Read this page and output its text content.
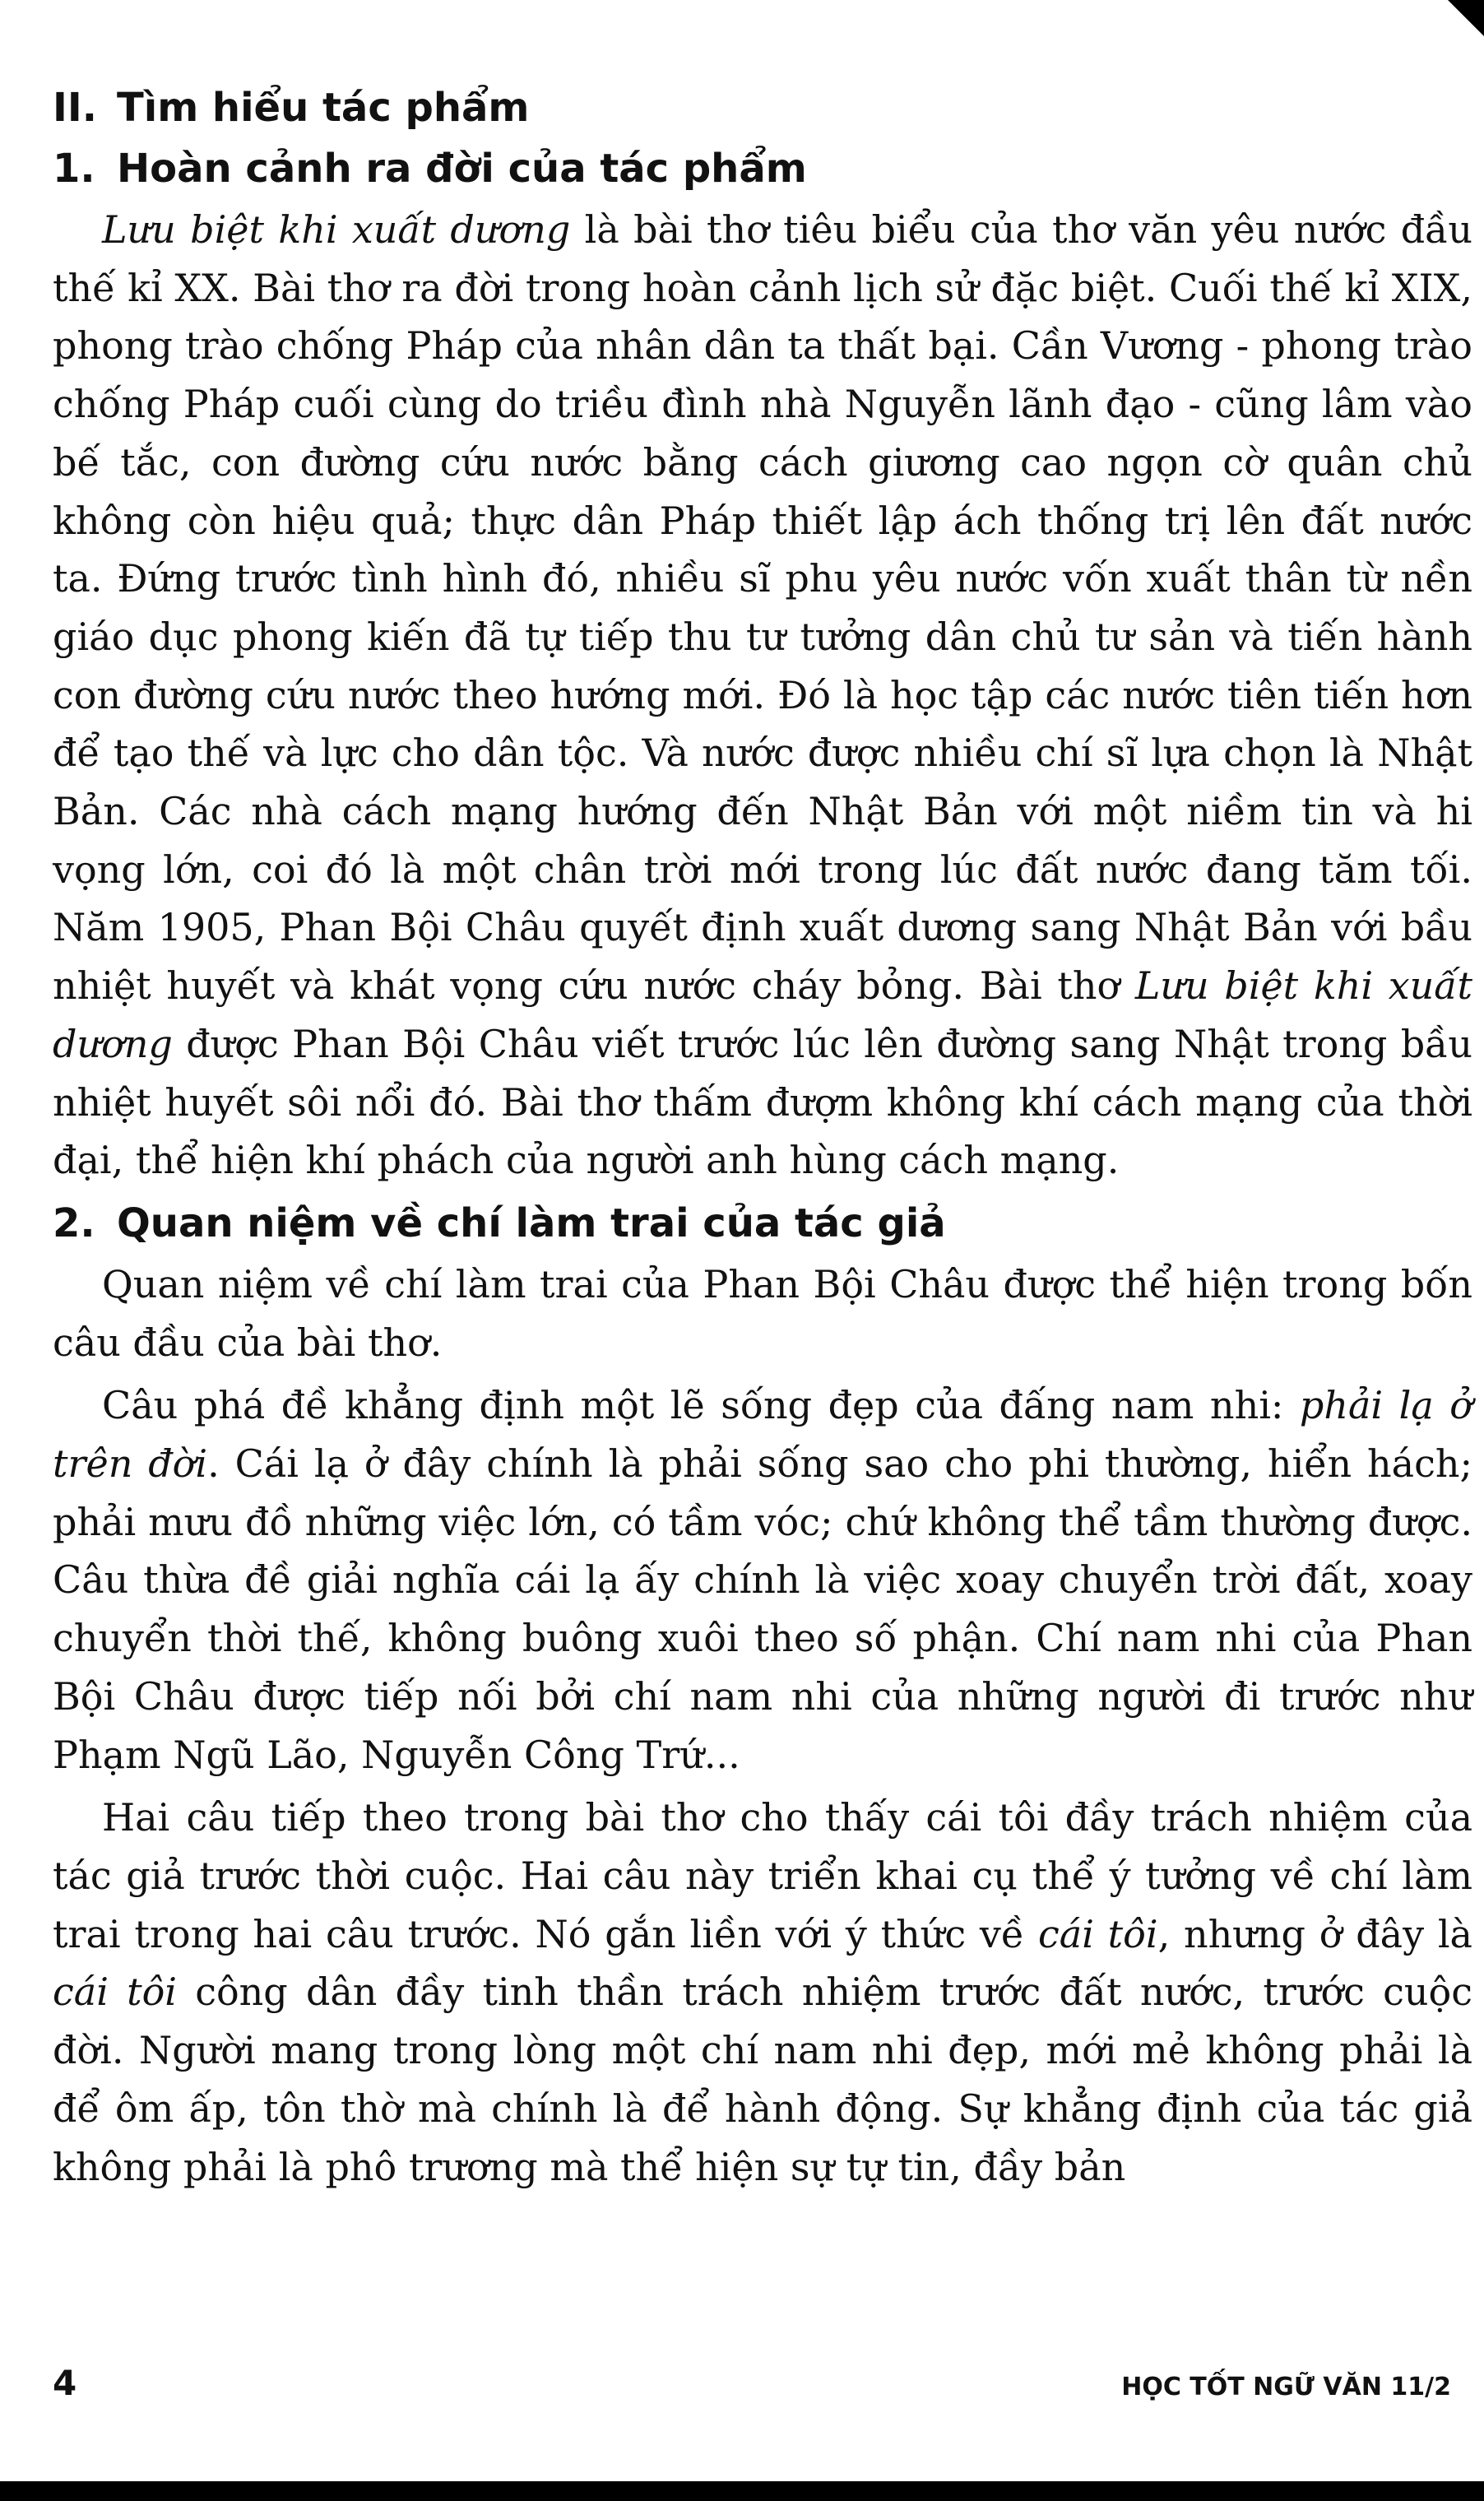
II. Tìm hiểu tác phẩm
1. Hoàn cảnh ra đời của tác phẩm

Lưu biệt khi xuất dương là bài thơ tiêu biểu của thơ văn yêu nước đầu thế kỉ XX. Bài thơ ra đời trong hoàn cảnh lịch sử đặc biệt. Cuối thế kỉ XIX, phong trào chống Pháp của nhân dân ta thất bại. Cần Vương - phong trào chống Pháp cuối cùng do triều đình nhà Nguyễn lãnh đạo - cũng lâm vào bế tắc, con đường cứu nước bằng cách giương cao ngọn cờ quân chủ không còn hiệu quả; thực dân Pháp thiết lập ách thống trị lên đất nước ta. Đứng trước tình hình đó, nhiều sĩ phu yêu nước vốn xuất thân từ nền giáo dục phong kiến đã tự tiếp thu tư tưởng dân chủ tư sản và tiến hành con đường cứu nước theo hướng mới. Đó là học tập các nước tiên tiến hơn để tạo thế và lực cho dân tộc. Và nước được nhiều chí sĩ lựa chọn là Nhật Bản. Các nhà cách mạng hướng đến Nhật Bản với một niềm tin và hi vọng lớn, coi đó là một chân trời mới trong lúc đất nước đang tăm tối. Năm 1905, Phan Bội Châu quyết định xuất dương sang Nhật Bản với bầu nhiệt huyết và khát vọng cứu nước cháy bỏng. Bài thơ Lưu biệt khi xuất dương được Phan Bội Châu viết trước lúc lên đường sang Nhật trong bầu nhiệt huyết sôi nổi đó. Bài thơ thấm đượm không khí cách mạng của thời đại, thể hiện khí phách của người anh hùng cách mạng.

2. Quan niệm về chí làm trai của tác giả

Quan niệm về chí làm trai của Phan Bội Châu được thể hiện trong bốn câu đầu của bài thơ.

Câu phá đề khẳng định một lẽ sống đẹp của đấng nam nhi: phải lạ ở trên đời. Cái lạ ở đây chính là phải sống sao cho phi thường, hiển hách; phải mưu đồ những việc lớn, có tầm vóc; chứ không thể tầm thường được. Câu thừa đề giải nghĩa cái lạ ấy chính là việc xoay chuyển trời đất, xoay chuyển thời thế, không buông xuôi theo số phận. Chí nam nhi của Phan Bội Châu được tiếp nối bởi chí nam nhi của những người đi trước như Phạm Ngũ Lão, Nguyễn Công Trứ...

Hai câu tiếp theo trong bài thơ cho thấy cái tôi đầy trách nhiệm của tác giả trước thời cuộc. Hai câu này triển khai cụ thể ý tưởng về chí làm trai trong hai câu trước. Nó gắn liền với ý thức về cái tôi, nhưng ở đây là cái tôi công dân đầy tinh thần trách nhiệm trước đất nước, trước cuộc đời. Người mang trong lòng một chí nam nhi đẹp, mới mẻ không phải là để ôm ấp, tôn thờ mà chính là để hành động. Sự khẳng định của tác giả không phải là phô trương mà thể hiện sự tự tin, đầy bản

4	HỌC TỐT NGỮ VĂN 11/2
